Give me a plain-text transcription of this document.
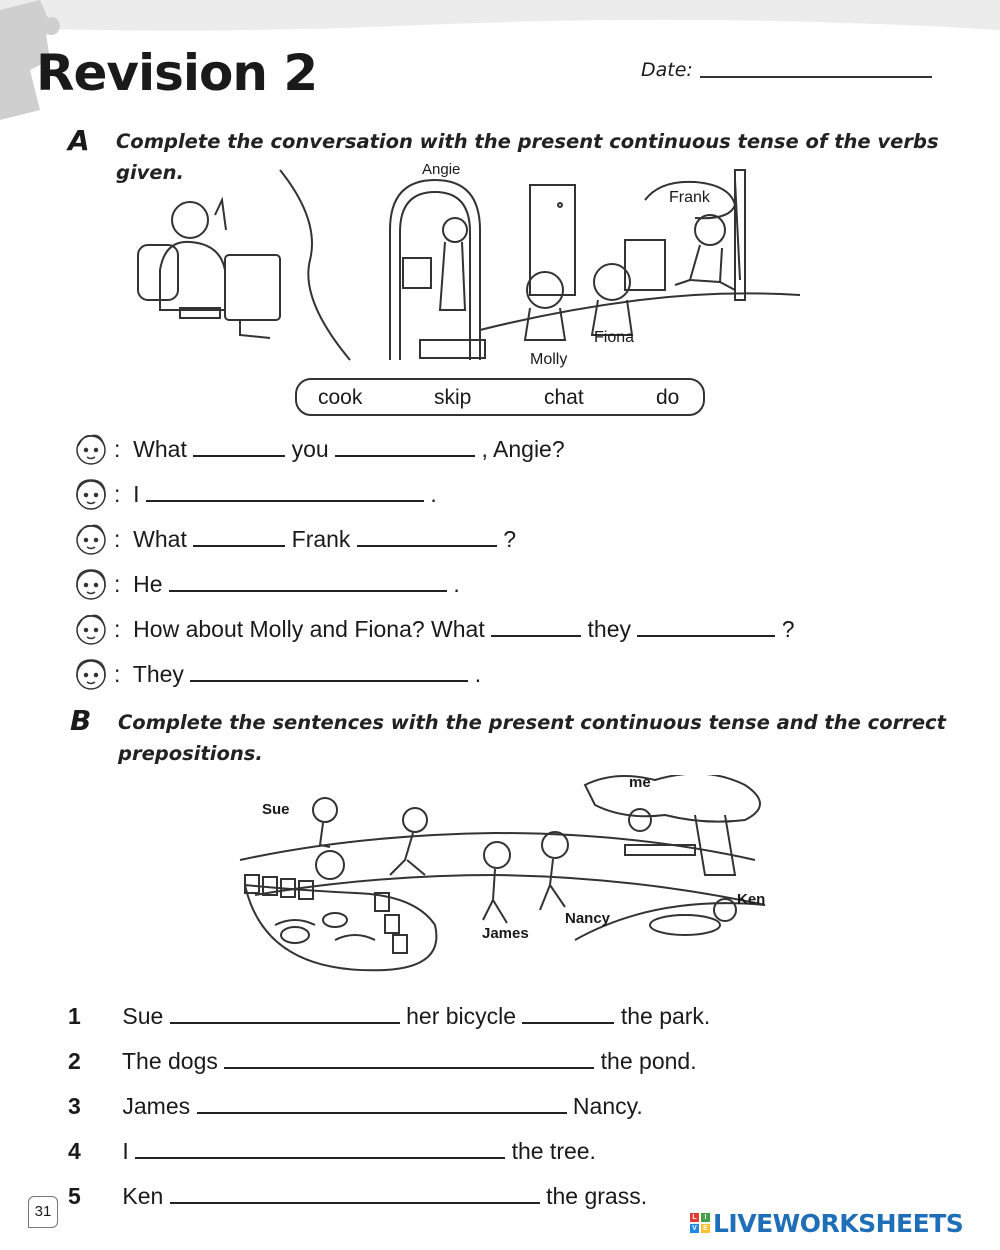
Revision 2	Date:
A Complete the conversation with the present continuous tense of the verbs given.	Angie
Frank
Fiona
Molly
cook	skip	chat	do
:  What	you	, Angie?
:  I	.
:  What	Frank	?
:  He	.
:  How about Molly and Fiona? What	they	?
:  They	.
B Complete the sentences with the present continuous tense and the correct
prepositions.
Sue
me
Ken
Nancy
James
1 Sue	her bicycle	the park.
2 The dogs	the pond.
3 James	Nancy.
4 I	the tree.
5 Ken	the grass.
31	L	I
V E LIVEWORKSHEETS
